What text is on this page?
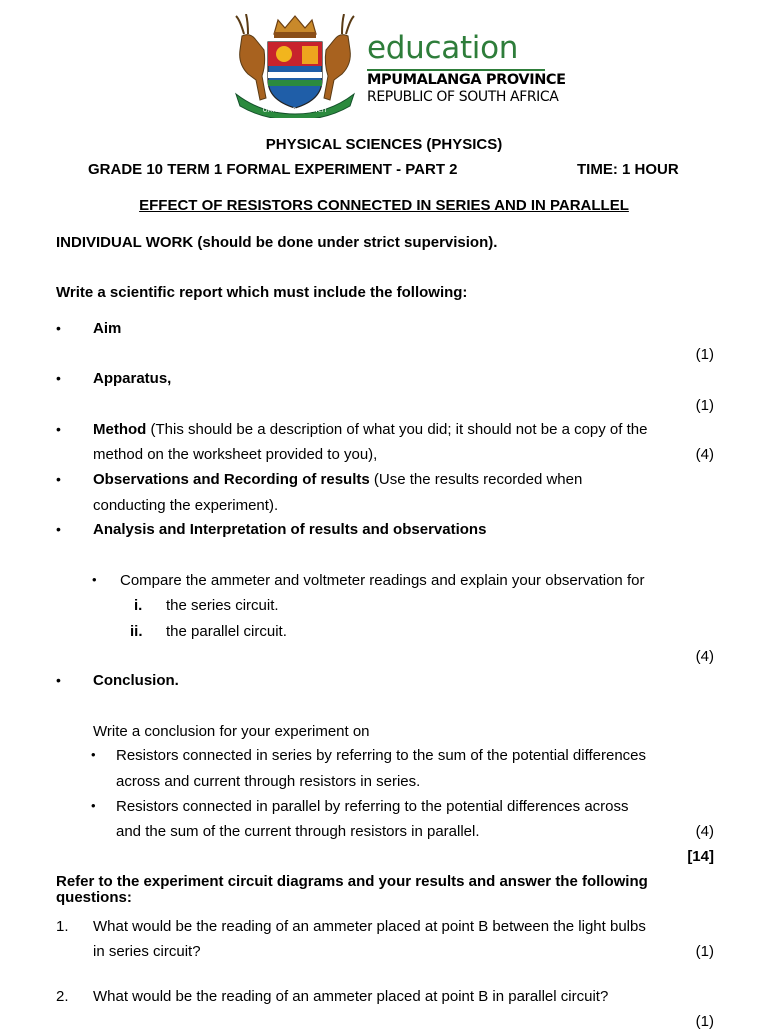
OMNIA LABOR VINCIT
education
MPUMALANGA PROVINCE
REPUBLIC OF SOUTH AFRICA
PHYSICAL SCIENCES (PHYSICS)
GRADE 10 TERM 1 FORMAL EXPERIMENT - PART 2	TIME: 1 HOUR
EFFECT OF RESISTORS CONNECTED IN SERIES AND IN PARALLEL
INDIVIDUAL WORK (should be done under strict supervision).
Write a scientific report which must include the following:
• Aim
(1)
• Apparatus,
(1)
• Method (This should be a description of what you did; it should not be a copy of the
method on the worksheet provided to you),	(4)
• Observations and Recording of results (Use the results recorded when
conducting the experiment).
• Analysis and Interpretation of results and observations
• Compare the ammeter and voltmeter readings and explain your observation for
i. the series circuit.
ii. the parallel circuit.
(4)
• Conclusion.
Write a conclusion for your experiment on
• Resistors connected in series by referring to the sum of the potential differences
across and current through resistors in series.
• Resistors connected in parallel by referring to the potential differences across
and the sum of the current through resistors in parallel.	(4)
[14]
Refer to the experiment circuit diagrams and your results and answer the following
questions:
1. What would be the reading of an ammeter placed at point B between the light bulbs
in series circuit?	(1)
2. What would be the reading of an ammeter placed at point B in parallel circuit?
(1)
